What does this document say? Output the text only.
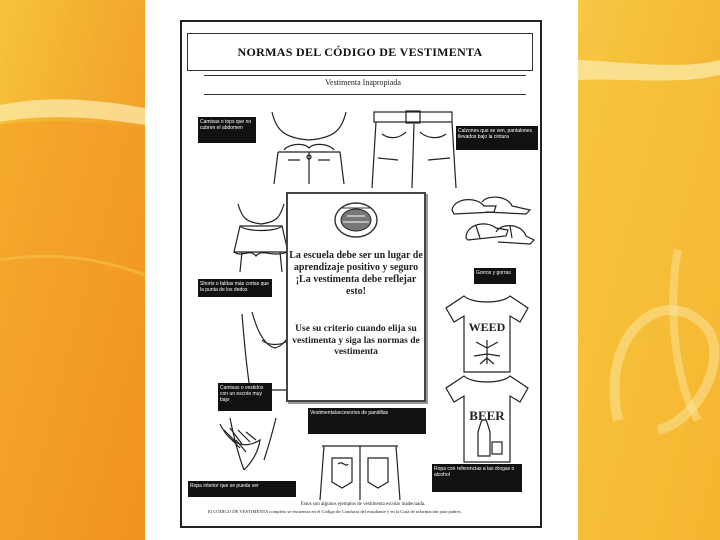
NORMAS DEL CÓDIGO DE VESTIMENTA
Vestimenta Inapropiada
Camisas o tops que no cubren el abdomen	Calzones que se ven, pantalones llevados bajo la cintura
Shorts o faldas más cortas que la punta de los dedos
Camisas o vestidos con un escote muy bajo
Ropa interior que se pueda ver
Gorros y gorras
WEED
BEER
Ropa con referencias a las drogas o alcohol
Vestimenta/accesorios de pandillas
La escuela debe ser un lugar de aprendizaje positivo y seguro ¡La vestimenta debe reflejar esto!
Use su criterio cuando elija su vestimenta y siga las normas de vestimenta
Estos son algunos ejemplos de vestimenta escolar inadecuada.
El CÓDIGO DE VESTIMENTA completo se encuentra en el Código de Conducta del estudiante y en la Guía de información para padres.
